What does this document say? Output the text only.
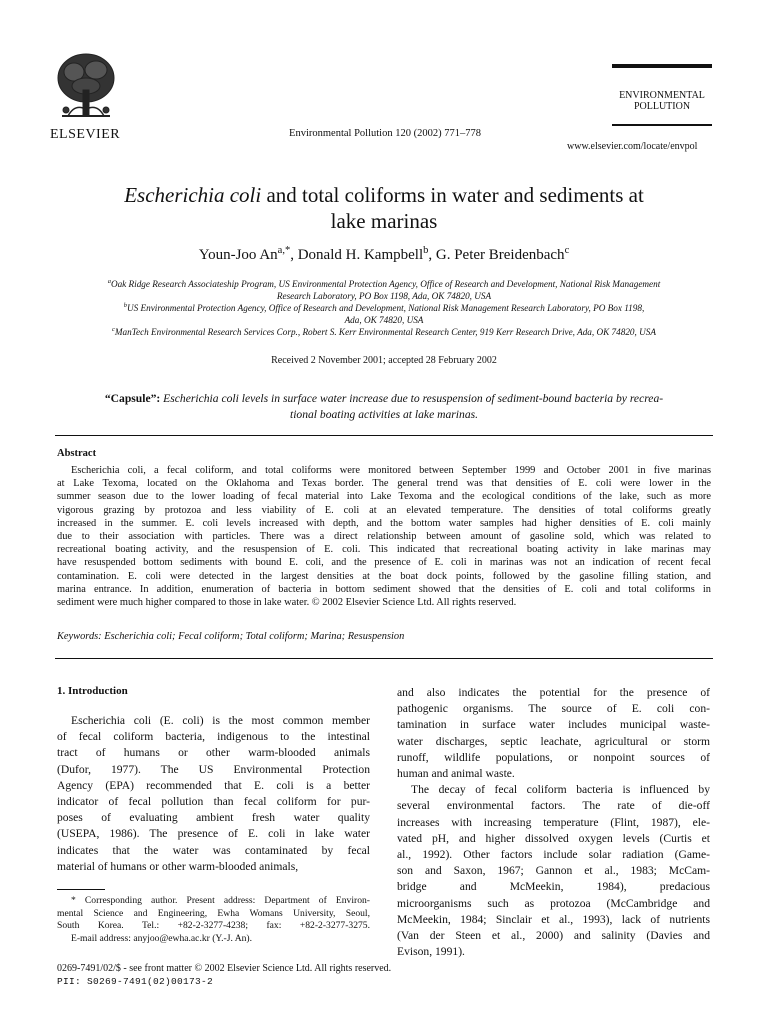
ELSEVIER	Environmental Pollution 120 (2002) 771–778
ENVIRONMENTAL
POLLUTION
www.elsevier.com/locate/envpol
Escherichia coli and total coliforms in water and sediments at
lake marinas
Youn-Joo $An^{a,*}$, Donald H. Kampbell$^b$, G. Peter Breidenbach$^c$
$^a$Oak Ridge Research Associateship Program, US Environmental Protection Agency, Office of Research and Development, National Risk Management
Research Laboratory, PO Box 1198, Ada, OK 74820, USA
$^b$US Environmental Protection Agency, Office of Research and Development, National Risk Management Research Laboratory, PO Box 1198,
Ada, OK 74820, USA
$^c$ManTech Environmental Research Services Corp., Robert S. Kerr Environmental Research Center, 919 Kerr Research Drive, Ada, OK 74820, USA
Received 2 November 2001; accepted 28 February 2002
“Capsule”: Escherichia coli levels in surface water increase due to resuspension of sediment-bound bacteria by recrea-
tional boating activities at lake marinas.
Abstract
Escherichia coli, a fecal coliform, and total coliforms were monitored between September 1999 and October 2001 in five marinas
at Lake Texoma, located on the Oklahoma and Texas border. The general trend was that densities of E. coli were lower in the
summer season due to the lower loading of fecal material into Lake Texoma and the ecological conditions of the lake, such as more
vigorous grazing by protozoa and less viability of E. coli at an elevated temperature. The densities of total coliforms greatly
increased in the summer. E. coli levels increased with depth, and the bottom water samples had higher densities of E. coli mainly
due to their association with particles. There was a direct relationship between amount of gasoline sold, which was related to
recreational boating activity, and the resuspension of E. coli. This indicated that recreational boating activity in lake marinas may
have resuspended bottom sediments with bound E. coli, and the presence of E. coli in marinas was not an indication of recent fecal
contamination. E. coli were detected in the largest densities at the boat dock points, followed by the gasoline filling station, and
marina entrance. In addition, enumeration of bacteria in bottom sediment showed that the densities of E. coli and total coliforms in
sediment were much higher compared to those in lake water. © 2002 Elsevier Science Ltd. All rights reserved.
Keywords: Escherichia coli; Fecal coliform; Total coliform; Marina; Resuspension
1. Introduction
Escherichia coli (E. coli) is the most common member
of fecal coliform bacteria, indigenous to the intestinal
tract of humans or other warm-blooded animals
(Dufor, 1977). The US Environmental Protection
Agency (EPA) recommended that E. coli is a better
indicator of fecal pollution than fecal coliform for pur-
poses of evaluating ambient fresh water quality
(USEPA, 1986). The presence of E. coli in lake water
indicates that the water was contaminated by fecal
material of humans or other warm-blooded animals,
* Corresponding author. Present address: Department of Environ-
mental Science and Engineering, Ewha Womans University, Seoul,
South Korea. Tel.: +82-2-3277-4238; fax: +82-2-3277-3275.
E-mail address: anyjoo@ewha.ac.kr (Y.-J. An).
and also indicates the potential for the presence of
pathogenic organisms. The source of E. coli con-
tamination in surface water includes municipal waste-
water discharges, septic leachate, agricultural or storm
runoff, wildlife populations, or nonpoint sources of
human and animal waste.
The decay of fecal coliform bacteria is influenced by
several environmental factors. The rate of die-off
increases with increasing temperature (Flint, 1987), ele-
vated pH, and higher dissolved oxygen levels (Curtis et
al., 1992). Other factors include solar radiation (Game-
son and Saxon, 1967; Gannon et al., 1983; McCam-
bridge and McMeekin, 1984), predacious
microorganisms such as protozoa (McCambridge and
McMeekin, 1984; Sinclair et al., 1993), lack of nutrients
(Van der Steen et al., 2000) and salinity (Davies and
Evison, 1991).
0269-7491/02/$ - see front matter © 2002 Elsevier Science Ltd. All rights reserved.
PII: S0269-7491(02)00173-2
